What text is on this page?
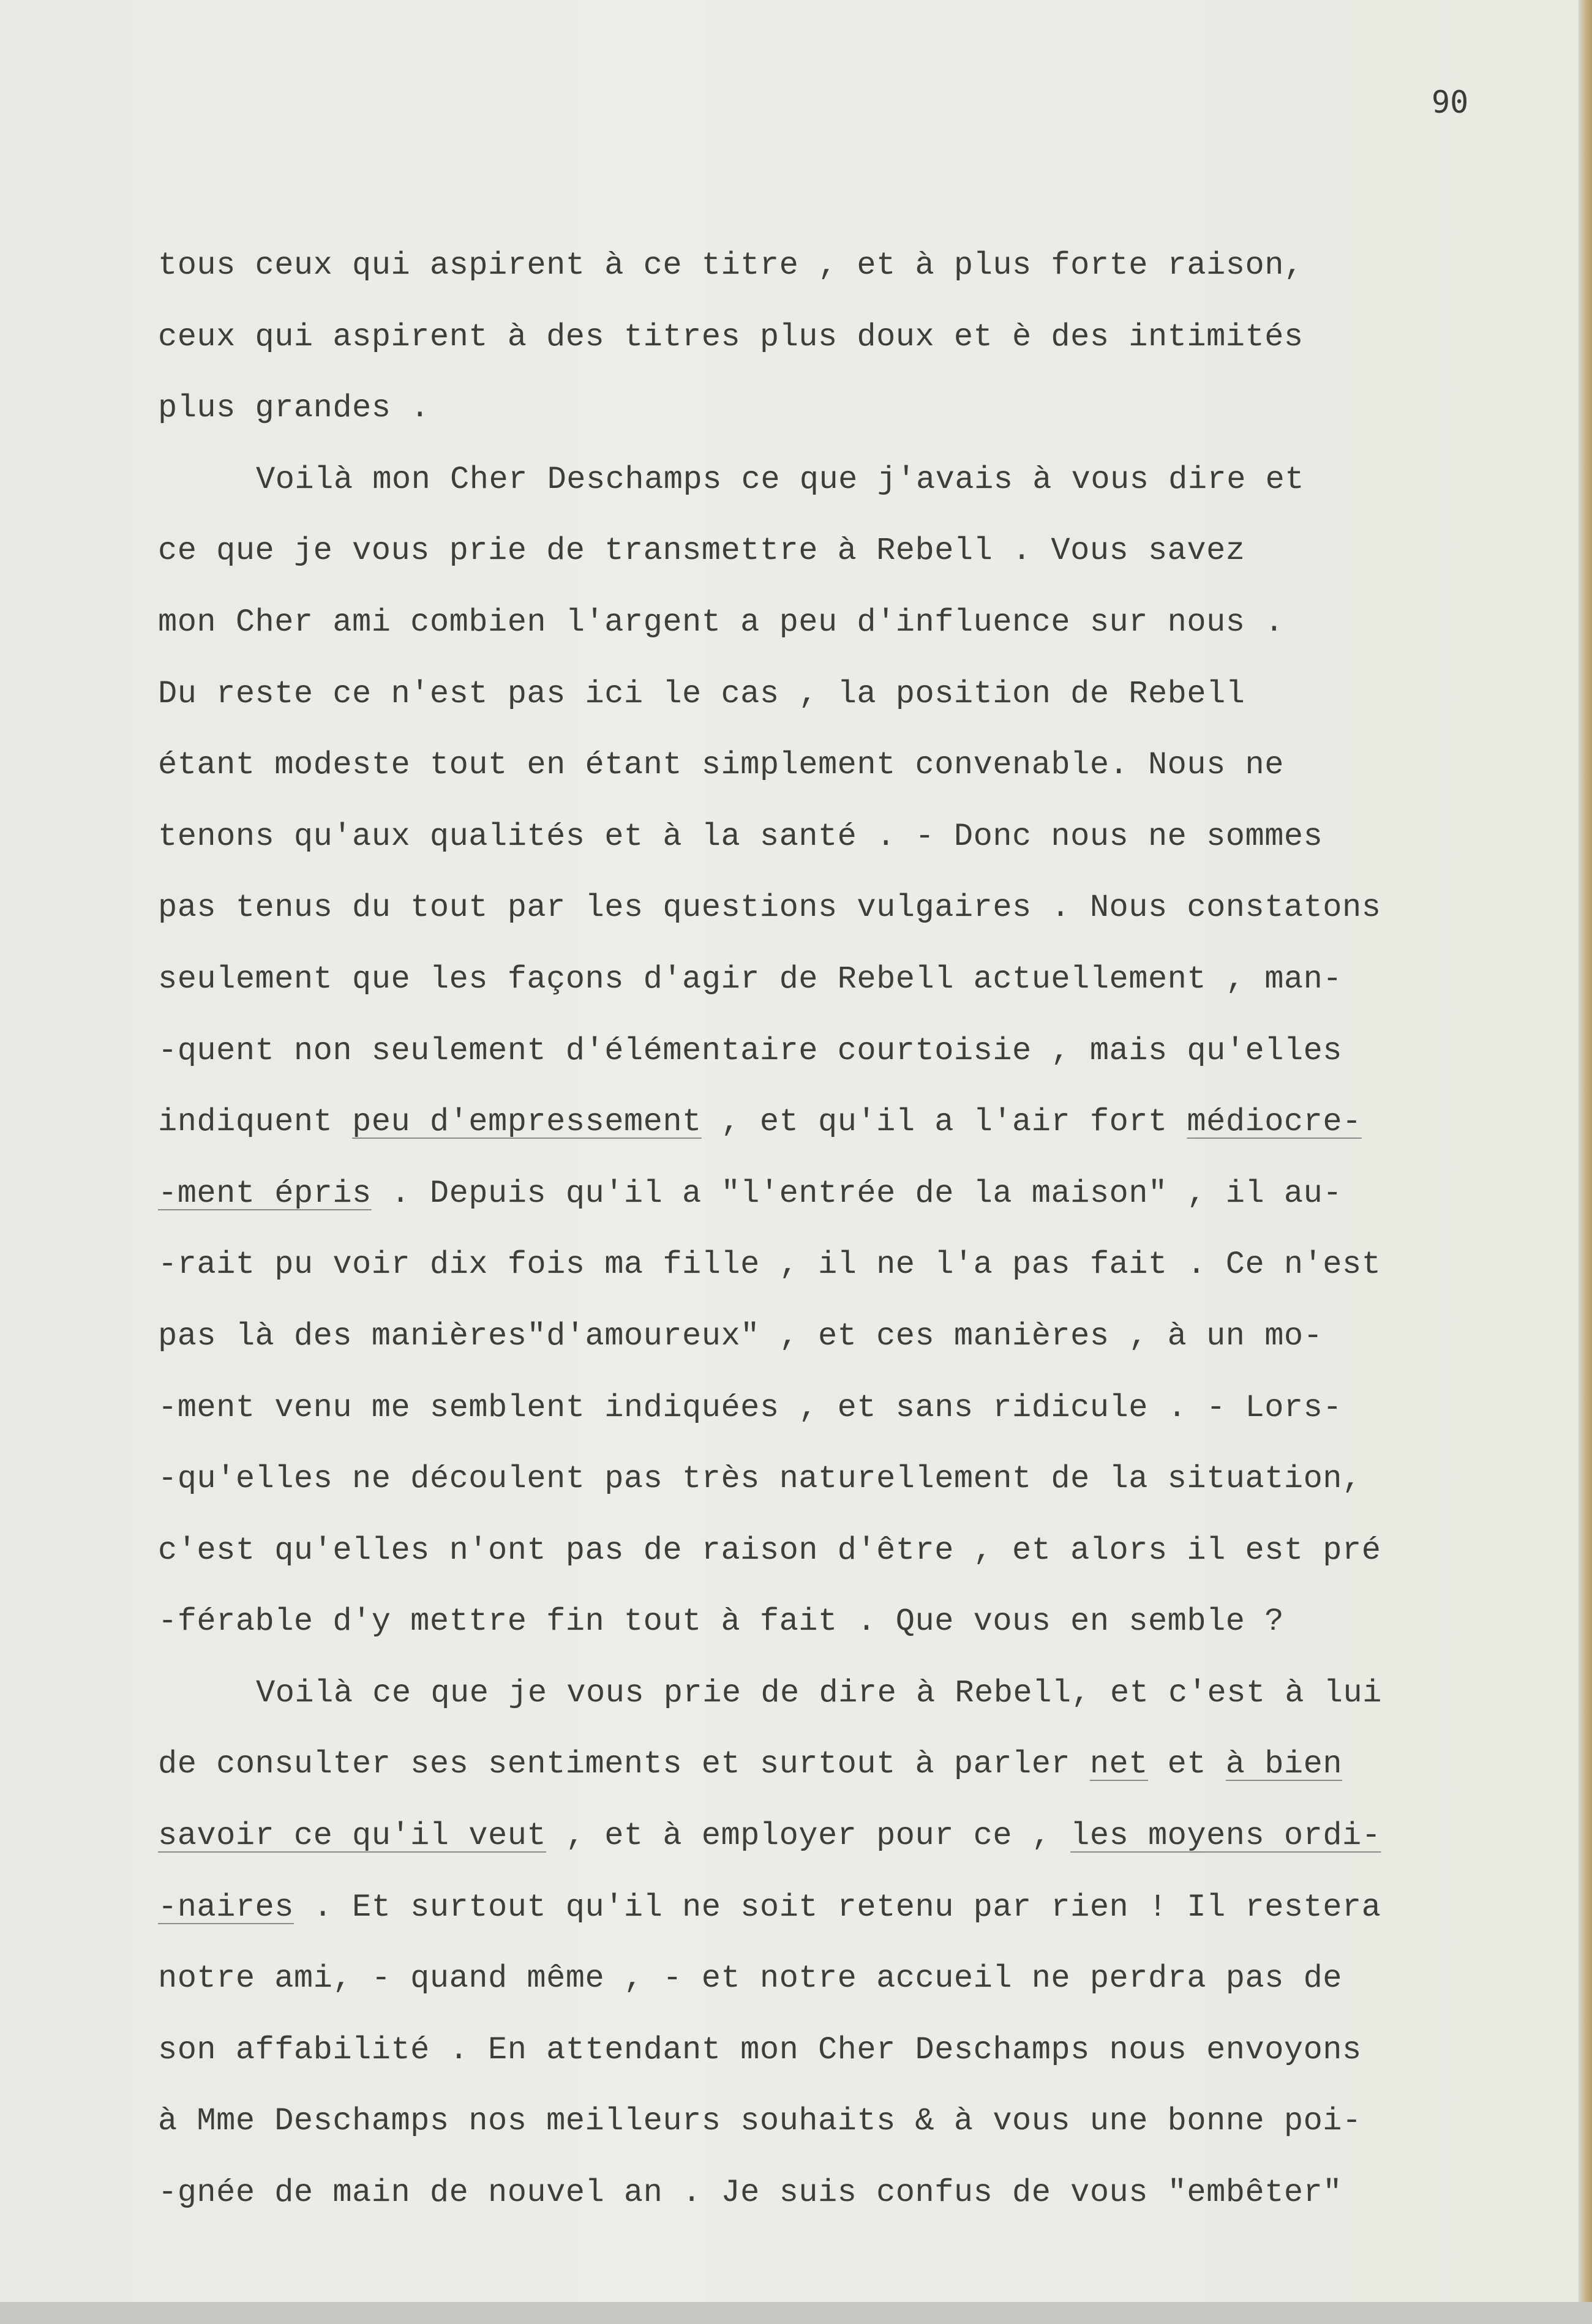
90
tous ceux qui aspirent à ce titre , et à plus forte raison,
ceux qui aspirent à des titres plus doux et è des intimités
plus grandes .
Voilà mon Cher Deschamps ce que j'avais à vous dire et
ce que je vous prie de transmettre à Rebell . Vous savez
mon Cher ami combien l'argent a peu d'influence sur nous .
Du reste ce n'est pas ici le cas , la position de Rebell
étant modeste tout en étant simplement convenable. Nous ne
tenons qu'aux qualités et à la santé . - Donc nous ne sommes
pas tenus du tout par les questions vulgaires . Nous constatons
seulement que les façons d'agir de Rebell actuellement , man-
-quent non seulement d'élémentaire courtoisie , mais qu'elles
indiquent peu d'empressement , et qu'il a l'air fort médiocre-
-ment épris . Depuis qu'il a "l'entrée de la maison" , il au-
-rait pu voir dix fois ma fille , il ne l'a pas fait . Ce n'est
pas là des manières"d'amoureux" , et ces manières , à un mo-
-ment venu me semblent indiquées , et sans ridicule . - Lors-
-qu'elles ne découlent pas très naturellement de la situation,
c'est qu'elles n'ont pas de raison d'être , et alors il est pré
-férable d'y mettre fin tout à fait . Que vous en semble ?
Voilà ce que je vous prie de dire à Rebell, et c'est à lui
de consulter ses sentiments et surtout à parler net et à bien
savoir ce qu'il veut , et à employer pour ce , les moyens ordi-
-naires . Et surtout qu'il ne soit retenu par rien ! Il restera
notre ami, - quand même , - et notre accueil ne perdra pas de
son affabilité . En attendant mon Cher Deschamps nous envoyons
à Mme Deschamps nos meilleurs souhaits & à vous une bonne poi-
-gnée de main de nouvel an . Je suis confus de vous "embêter"
